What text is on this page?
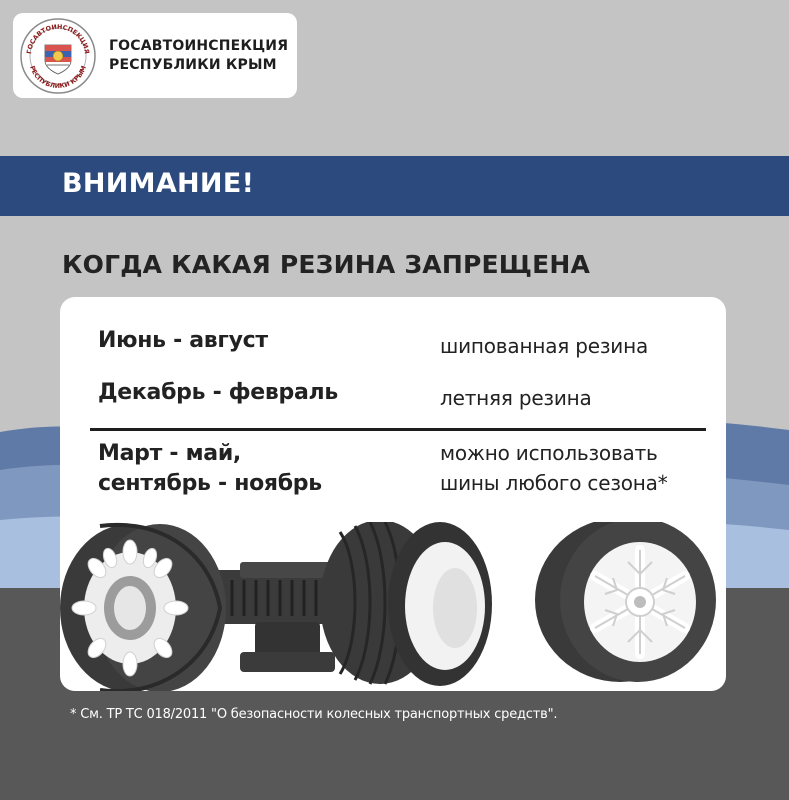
ГОСАВТОИНСПЕКЦИЯ
РЕСПУБЛИКИ КРЫМ
ГОСАВТОИНСПЕКЦИЯ
РЕСПУБЛИКИ КРЫМ
ВНИМАНИЕ!
КОГДА КАКАЯ РЕЗИНА ЗАПРЕЩЕНА
Июнь - август	шипованная резина
Декабрь - февраль	летняя резина
Март - май,
сентябрь - ноябрь
можно использовать
шины любого сезона*
* См. ТР ТС 018/2011 "О безопасности колесных транспортных средств".
